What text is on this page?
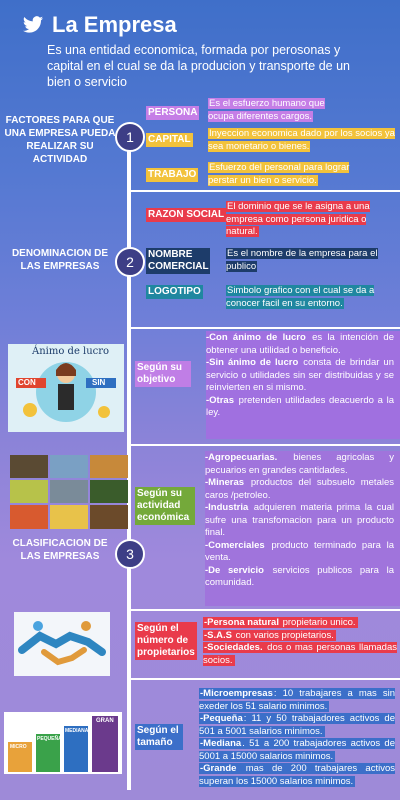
La Empresa
Es una entidad economica, formada por perosonas y capital en el cual se da la producion y transporte de un bien o servicio
FACTORES PARA QUE UNA EMPRESA PUEDA REALIZAR SU ACTIVIDAD
1
PERSONA
Es el esfuerzo humano que ocupa diferentes cargos.
CAPITAL
Inyeccion economica dado por los socios ya sea monetario o bienes.
TRABAJO
Esfuerzo del personal para lograr perstar un bien o servicio.
DENOMINACION DE LAS EMPRESAS	2
RAZON SOCIAL
El dominio que se le asigna a una empresa como persona juridica o natural.
NOMBRE COMERCIAL
Es el nombre de la empresa para el publico
LOGOTIPO	Simbolo grafico con el cual se da a conocer facil en su entorno.
CLASIFICACION DE LAS EMPRESAS	3
Ánimo de lucro
CON	SIN
Según su objetivo
-Con ánimo de lucro es la intención de obtener una utilidad o beneficio.
-Sin ánimo de lucro consta de brindar un servicio o utilidades sin ser distribuidas y se reinvierten en si mismo.
-Otras pretenden utilidades deacuerdo a la ley.
Según su actividad económica
-Agropecuarias. bienes agricolas y pecuarios en grandes cantidades.
-Mineras productos del subsuelo metales caros /petroleo.
-Industria adquieren materia prima la cual sufre una transfomacion para un producto final.
-Comerciales producto terminado para la venta.
-De servicio servicios publicos para la comunidad.
Según el número de propietarios
-Persona natural propietario unico.
-S.A.S con varios propietarios.
-Sociedades. dos o mas personas llamadas socios.
MICRO
PEQUEÑA
MEDIANA
GRAN
Según el tamaño
-Microempresas: 10 trabajares a mas sin exeder los 51 salario minimos.
-Pequeña: 11 y 50 trabajadores activos de 501 a 5001 salarios minimos.
-Mediana. 51 a 200 trabajadores activos de 5001 a 15000 salarios minimos.
-Grande mas de 200 trabajares activos superan los 15000 salarios minimos.
